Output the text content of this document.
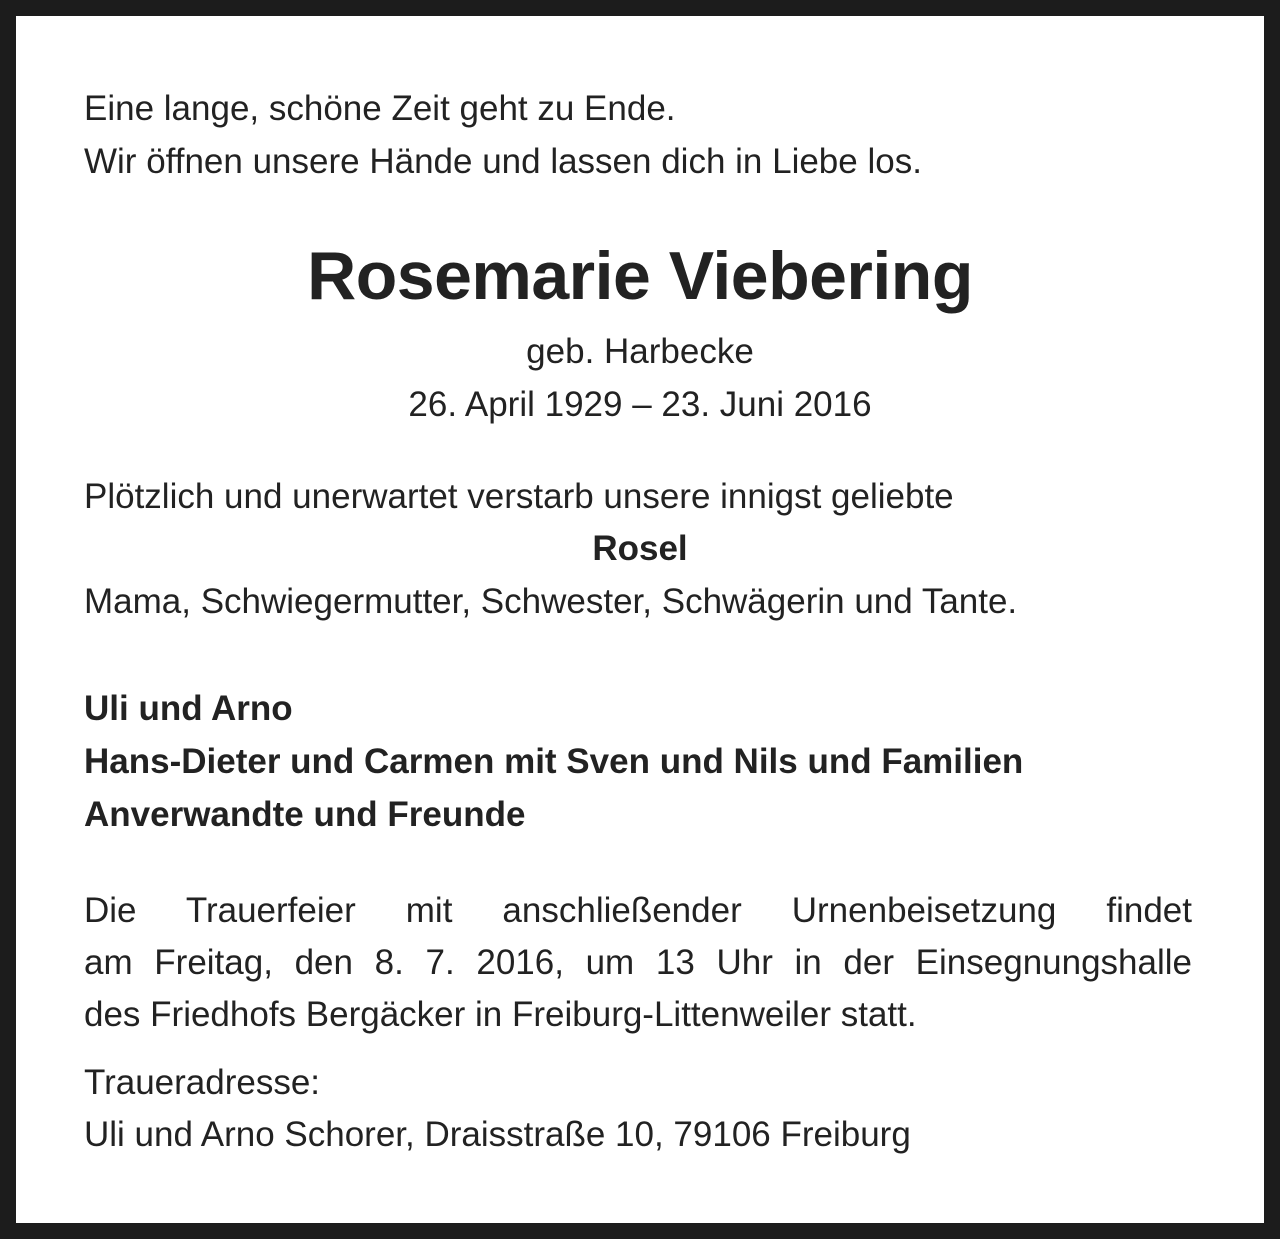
Eine lange, schöne Zeit geht zu Ende.

Wir öffnen unsere Hände und lassen dich in Liebe los.

Rosemarie Viebering

geb. Harbecke

26. April 1929 – 23. Juni 2016

Plötzlich und unerwartet verstarb unsere innigst geliebte

Rosel

Mama, Schwiegermutter, Schwester, Schwägerin und Tante.

Uli und Arno

Hans-Dieter und Carmen mit Sven und Nils und Familien

Anverwandte und Freunde

Die Trauerfeier mit anschließender Urnenbeisetzung findet

am Freitag, den 8. 7. 2016, um 13 Uhr in der Einsegnungshalle

des Friedhofs Bergäcker in Freiburg-Littenweiler statt.

Traueradresse:

Uli und Arno Schorer, Draisstraße 10, 79106 Freiburg
